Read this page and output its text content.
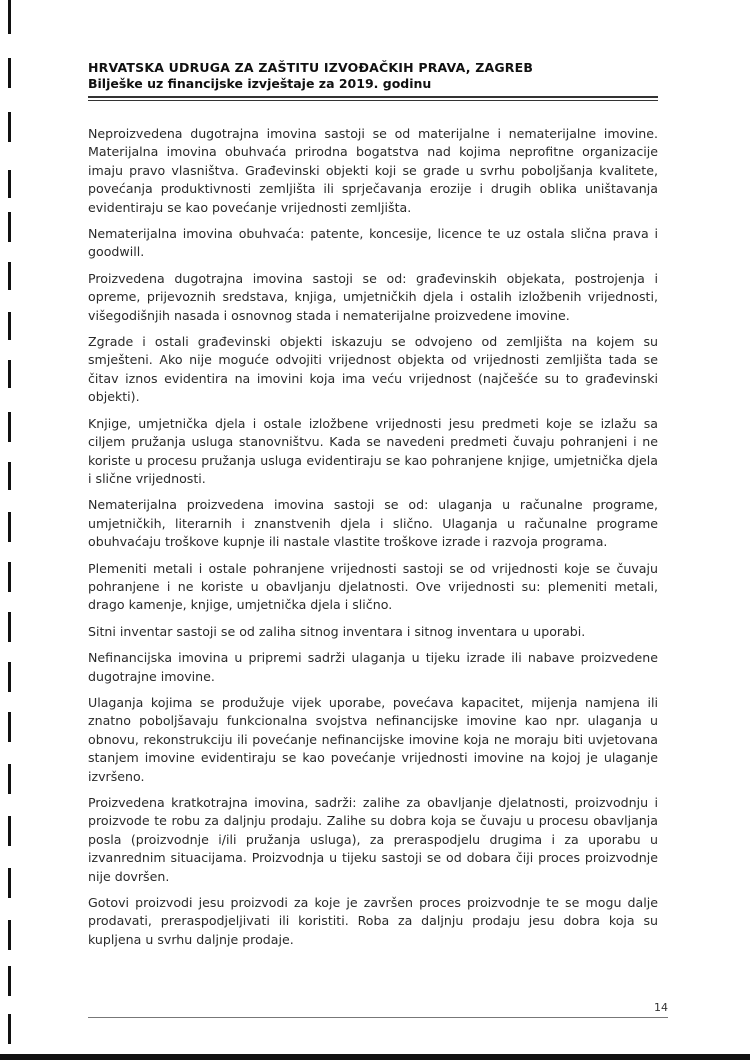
HRVATSKA UDRUGA ZA ZAŠTITU IZVOĐAČKIH PRAVA, ZAGREB
Bilješke uz financijske izvještaje za 2019. godinu

Neproizvedena dugotrajna imovina sastoji se od materijalne i nematerijalne imovine. Materijalna imovina obuhvaća prirodna bogatstva nad kojima neprofitne organizacije imaju pravo vlasništva. Građevinski objekti koji se grade u svrhu poboljšanja kvalitete, povećanja produktivnosti zemljišta ili sprječavanja erozije i drugih oblika uništavanja evidentiraju se kao povećanje vrijednosti zemljišta.

Nematerijalna imovina obuhvaća: patente, koncesije, licence te uz ostala slična prava i goodwill.

Proizvedena dugotrajna imovina sastoji se od: građevinskih objekata, postrojenja i opreme, prijevoznih sredstava, knjiga, umjetničkih djela i ostalih izložbenih vrijednosti, višegodišnjih nasada i osnovnog stada i nematerijalne proizvedene imovine.

Zgrade i ostali građevinski objekti iskazuju se odvojeno od zemljišta na kojem su smješteni. Ako nije moguće odvojiti vrijednost objekta od vrijednosti zemljišta tada se čitav iznos evidentira na imovini koja ima veću vrijednost (najčešće su to građevinski objekti).

Knjige, umjetnička djela i ostale izložbene vrijednosti jesu predmeti koje se izlažu sa ciljem pružanja usluga stanovništvu. Kada se navedeni predmeti čuvaju pohranjeni i ne koriste u procesu pružanja usluga evidentiraju se kao pohranjene knjige, umjetnička djela i slične vrijednosti.

Nematerijalna proizvedena imovina sastoji se od: ulaganja u računalne programe, umjetničkih, literarnih i znanstvenih djela i slično. Ulaganja u računalne programe obuhvaćaju troškove kupnje ili nastale vlastite troškove izrade i razvoja programa.

Plemeniti metali i ostale pohranjene vrijednosti sastoji se od vrijednosti koje se čuvaju pohranjene i ne koriste u obavljanju djelatnosti. Ove vrijednosti su: plemeniti metali, drago kamenje, knjige, umjetnička djela i slično.

Sitni inventar sastoji se od zaliha sitnog inventara i sitnog inventara u uporabi.

Nefinancijska imovina u pripremi sadrži ulaganja u tijeku izrade ili nabave proizvedene dugotrajne imovine.

Ulaganja kojima se produžuje vijek uporabe, povećava kapacitet, mijenja namjena ili znatno poboljšavaju funkcionalna svojstva nefinancijske imovine kao npr. ulaganja u obnovu, rekonstrukciju ili povećanje nefinancijske imovine koja ne moraju biti uvjetovana stanjem imovine evidentiraju se kao povećanje vrijednosti imovine na kojoj je ulaganje izvršeno.

Proizvedena kratkotrajna imovina, sadrži: zalihe za obavljanje djelatnosti, proizvodnju i proizvode te robu za daljnju prodaju. Zalihe su dobra koja se čuvaju u procesu obavljanja posla (proizvodnje i/ili pružanja usluga), za preraspodjelu drugima i za uporabu u izvanrednim situacijama. Proizvodnja u tijeku sastoji se od dobara čiji proces proizvodnje nije dovršen.

Gotovi proizvodi jesu proizvodi za koje je završen proces proizvodnje te se mogu dalje prodavati, preraspodjeljivati ili koristiti. Roba za daljnju prodaju jesu dobra koja su kupljena u svrhu daljnje prodaje.

14
